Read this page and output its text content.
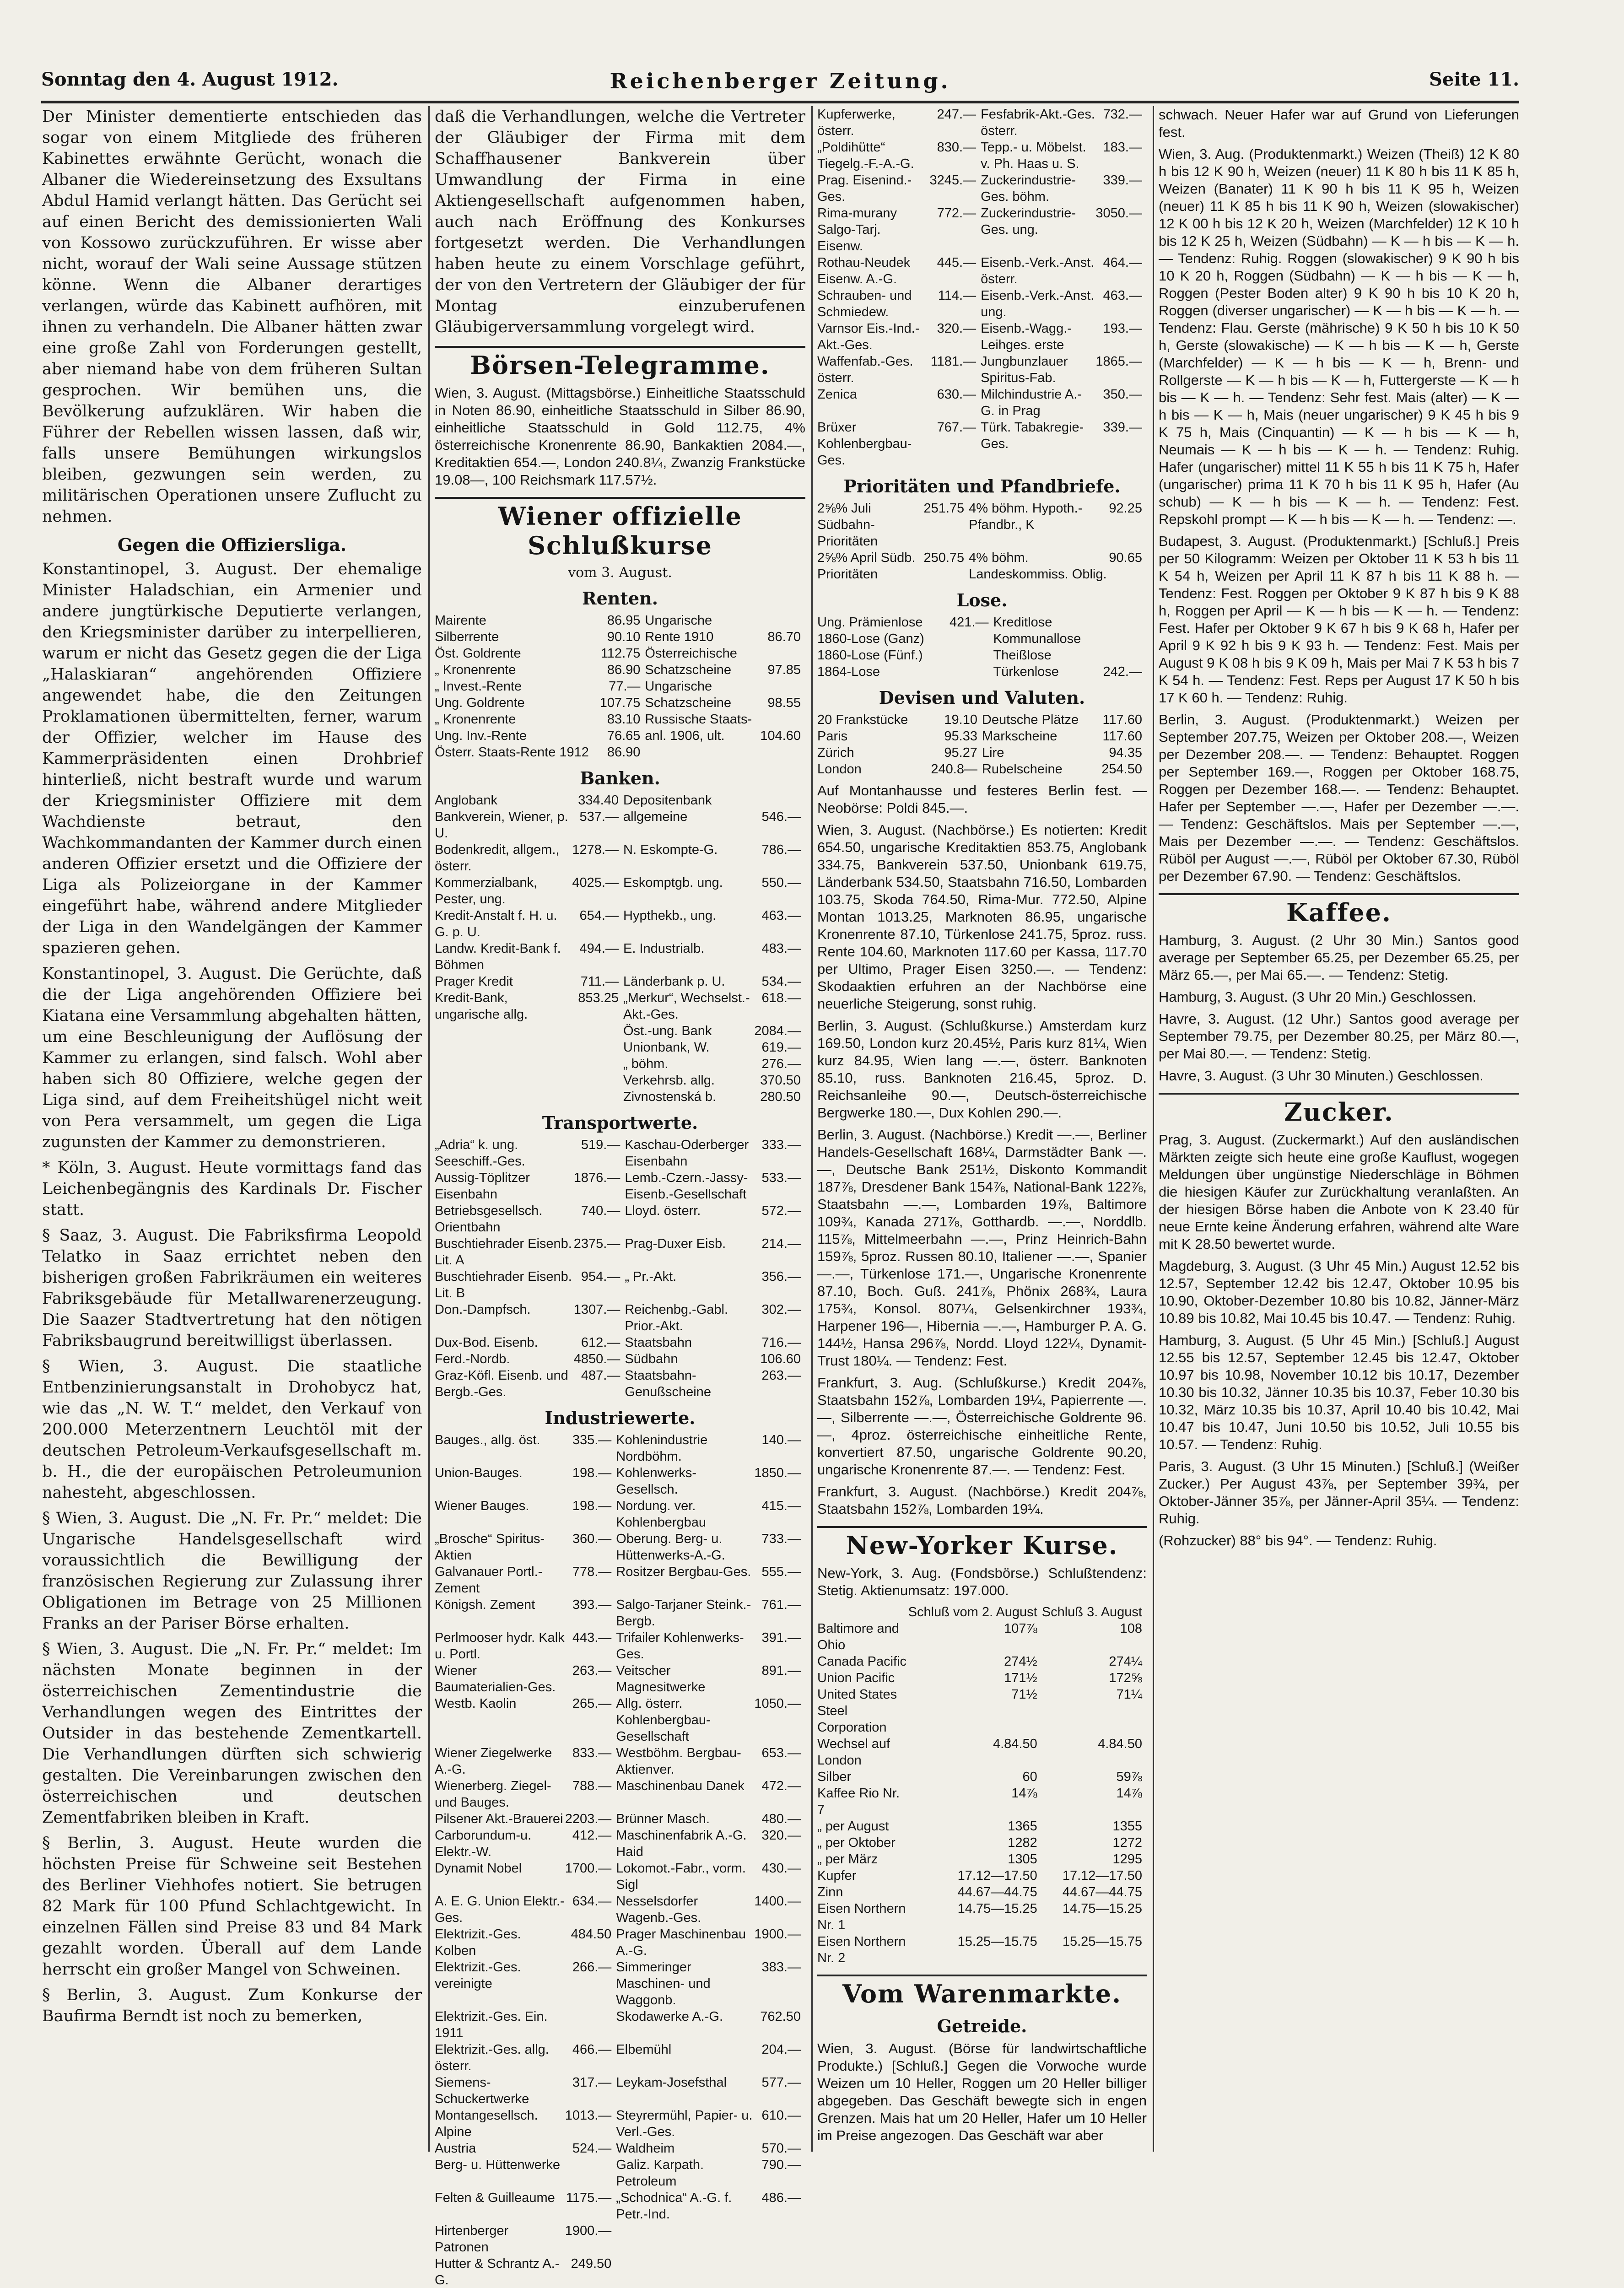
Sonntag den 4. August 1912.	Reichenberger Zeitung.	Seite 11.

Der Minister dementierte entschieden das sogar von einem Mitgliede des früheren Kabinettes erwähnte Gerücht, wonach die Albaner die Wiedereinsetzung des Exsultans Abdul Hamid verlangt hätten. Das Gerücht sei auf einen Bericht des demissionierten Wali von Kossowo zurückzuführen. Er wisse aber nicht, worauf der Wali seine Aussage stützen könne. Wenn die Albaner derartiges verlangen, würde das Kabinett aufhören, mit ihnen zu verhandeln. Die Albaner hätten zwar eine große Zahl von Forderungen gestellt, aber niemand habe von dem früheren Sultan gesprochen. Wir bemühen uns, die Bevölkerung aufzuklären. Wir haben die Führer der Rebellen wissen lassen, daß wir, falls unsere Bemühungen wirkungslos bleiben, gezwungen sein werden, zu militärischen Operationen unsere Zuflucht zu nehmen.

Gegen die Offiziersliga.

Konstantinopel, 3. August. Der ehemalige Minister Haladschian, ein Armenier und andere jungtürkische Deputierte verlangen, den Kriegsminister darüber zu interpellieren, warum er nicht das Gesetz gegen die der Liga „Halaskiaran“ angehörenden Offiziere angewendet habe, die den Zeitungen Proklamationen übermittelten, ferner, warum der Offizier, welcher im Hause des Kammerpräsidenten einen Drohbrief hinterließ, nicht bestraft wurde und warum der Kriegsminister Offiziere mit dem Wachdienste betraut, den Wachkommandanten der Kammer durch einen anderen Offizier ersetzt und die Offiziere der Liga als Polizeiorgane in der Kammer eingeführt habe, während andere Mitglieder der Liga in den Wandelgängen der Kammer spazieren gehen.

Konstantinopel, 3. August. Die Gerüchte, daß die der Liga angehörenden Offiziere bei Kiatana eine Versammlung abgehalten hätten, um eine Beschleunigung der Auflösung der Kammer zu erlangen, sind falsch. Wohl aber haben sich 80 Offiziere, welche gegen der Liga sind, auf dem Freiheitshügel nicht weit von Pera versammelt, um gegen die Liga zugunsten der Kammer zu demonstrieren.

* Köln, 3. August. Heute vormittags fand das Leichenbegängnis des Kardinals Dr. Fischer statt.

§ Saaz, 3. August. Die Fabriksfirma Leopold Telatko in Saaz errichtet neben den bisherigen großen Fabrikräumen ein weiteres Fabriksgebäude für Metallwarenerzeugung. Die Saazer Stadtvertretung hat den nötigen Fabriksbaugrund bereitwilligst überlassen.

§ Wien, 3. August. Die staatliche Entbenzinierungsanstalt in Drohobycz hat, wie das „N. W. T.“ meldet, den Verkauf von 200.000 Meterzentnern Leuchtöl mit der deutschen Petroleum-Verkaufsgesellschaft m. b. H., die der europäischen Petroleumunion nahesteht, abgeschlossen.

§ Wien, 3. August. Die „N. Fr. Pr.“ meldet: Die Ungarische Handelsgesellschaft wird voraussichtlich die Bewilligung der französischen Regierung zur Zulassung ihrer Obligationen im Betrage von 25 Millionen Franks an der Pariser Börse erhalten.

§ Wien, 3. August. Die „N. Fr. Pr.“ meldet: Im nächsten Monate beginnen in der österreichischen Zementindustrie die Verhandlungen wegen des Eintrittes der Outsider in das bestehende Zementkartell. Die Verhandlungen dürften sich schwierig gestalten. Die Vereinbarungen zwischen den österreichischen und deutschen Zementfabriken bleiben in Kraft.

§ Berlin, 3. August. Heute wurden die höchsten Preise für Schweine seit Bestehen des Berliner Viehhofes notiert. Sie betrugen 82 Mark für 100 Pfund Schlachtgewicht. In einzelnen Fällen sind Preise 83 und 84 Mark gezahlt worden. Überall auf dem Lande herrscht ein großer Mangel von Schweinen.

§ Berlin, 3. August. Zum Konkurse der Baufirma Berndt ist noch zu bemerken,

daß die Verhandlungen, welche die Vertreter der Gläubiger der Firma mit dem Schaffhausener Bankverein über Umwandlung der Firma in eine Aktiengesellschaft aufgenommen haben, auch nach Eröffnung des Konkurses fortgesetzt werden. Die Verhandlungen haben heute zu einem Vorschlage geführt, der von den Vertretern der Gläubiger der für Montag einzuberufenen Gläubigerversammlung vorgelegt wird.

Börsen-Telegramme.

Wien, 3. August. (Mittagsbörse.) Einheitliche Staatsschuld in Noten 86.90, einheitliche Staatsschuld in Silber 86.90, einheitliche Staatsschuld in Gold 112.75, 4% österreichische Kronenrente 86.90, Bankaktien 2084.—, Kreditaktien 654.—, London 240.8¼, Zwanzig Frankstücke 19.08—, 100 Reichsmark 117.57½.

Wiener offizielle Schlußkurse
vom 3. August.
Renten.
Mairente	86.95	Ungarische	
Silberrente	90.10	Rente 1910	86.70
Öst. Goldrente	112.75	Österreichische	
„ Kronenrente	86.90	Schatzscheine	97.85
„ Invest.-Rente	77.—	Ungarische	
Ung. Goldrente	107.75	Schatzscheine	98.55
„ Kronenrente	83.10	Russische Staats-	
Ung. Inv.-Rente	76.65	anl. 1906, ult.	104.60
Österr. Staats-Rente 1912	86.90		
Banken.
Anglobank	334.40	Depositenbank	
Bankverein, Wiener, p. U.	537.—	allgemeine	546.—
Bodenkredit, allgem., österr.	1278.—	N. Eskompte-G.	786.—
Kommerzialbank, Pester, ung.	4025.—	Eskomptgb. ung.	550.—
Kredit-Anstalt f. H. u. G. p. U.	654.—	Hypthekb., ung.	463.—
Landw. Kredit-Bank f. Böhmen	494.—	E. Industrialb.	483.—
Prager Kredit	711.—	Länderbank p. U.	534.—
Kredit-Bank, ungarische allg.	853.25	„Merkur“, Wechselst.-Akt.-Ges.	618.—
		Öst.-ung. Bank	2084.—
		Unionbank, W.	619.—
		„ böhm.	276.—
		Verkehrsb. allg.	370.50
		Zivnostenská b.	280.50
Transportwerte.
„Adria“ k. ung. Seeschiff.-Ges.	519.—	Kaschau-Oderberger Eisenbahn	333.—
Aussig-Töplitzer Eisenbahn	1876.—	Lemb.-Czern.-Jassy-Eisenb.-Gesellschaft	533.—
Betriebsgesellsch. Orientbahn	740.—	Lloyd. österr.	572.—
Buschtiehrader Eisenb. Lit. A	2375.—	Prag-Duxer Eisb.	214.—
Buschtiehrader Eisenb. Lit. B	954.—	„ Pr.-Akt.	356.—
Don.-Dampfsch.	1307.—	Reichenbg.-Gabl. Prior.-Akt.	302.—
Dux-Bod. Eisenb.	612.—	Staatsbahn	716.—
Ferd.-Nordb.	4850.—	Südbahn	106.60
Graz-Köfl. Eisenb. und Bergb.-Ges.	487.—	Staatsbahn-Genußscheine	263.—
Industriewerte.
Bauges., allg. öst.	335.—	Kohlenindustrie Nordböhm.	140.—
Union-Bauges.	198.—	Kohlenwerks-Gesellsch.	1850.—
Wiener Bauges.	198.—	Nordung. ver. Kohlenbergbau	415.—
„Brosche“ Spiritus-Aktien	360.—	Oberung. Berg- u. Hüttenwerks-A.-G.	733.—
Galvanauer Portl.-Zement	778.—	Rositzer Bergbau-Ges.	555.—
Königsh. Zement	393.—	Salgo-Tarjaner Steink.-Bergb.	761.—
Perlmooser hydr. Kalk u. Portl.	443.—	Trifailer Kohlenwerks-Ges.	391.—
Wiener Baumaterialien-Ges.	263.—	Veitscher Magnesitwerke	891.—
Westb. Kaolin	265.—	Allg. österr. Kohlenbergbau-Gesellschaft	1050.—
Wiener Ziegelwerke A.-G.	833.—	Westböhm. Bergbau-Aktienver.	653.—
Wienerberg. Ziegel- und Bauges.	788.—	Maschinenbau Danek	472.—
Pilsener Akt.-Brauerei	2203.—	Brünner Masch.	480.—
Carborundum-u. Elektr.-W.	412.—	Maschinenfabrik A.-G. Haid	320.—
Dynamit Nobel	1700.—	Lokomot.-Fabr., vorm. Sigl	430.—
A. E. G. Union Elektr.-Ges.	634.—	Nesselsdorfer Wagenb.-Ges.	1400.—
Elektrizit.-Ges. Kolben	484.50	Prager Maschinenbau A.-G.	1900.—
Elektrizit.-Ges. vereinigte	266.—	Simmeringer Maschinen- und Waggonb.	383.—
Elektrizit.-Ges. Ein. 1911		Skodawerke A.-G.	762.50
Elektrizit.-Ges. allg. österr.	466.—	Elbemühl	204.—
Siemens-Schuckertwerke	317.—	Leykam-Josefsthal	577.—
Montangesellsch. Alpine	1013.—	Steyrermühl, Papier- u. Verl.-Ges.	610.—
Austria	524.—	Waldheim	570.—
Berg- u. Hüttenwerke		Galiz. Karpath. Petroleum	790.—
Felten & Guilleaume	1175.—	„Schodnica“ A.-G. f. Petr.-Ind.	486.—
Hirtenberger Patronen	1900.—		
Hutter & Schrantz A.-G.	249.50		

Kupferwerke, österr.	247.—	Fesfabrik-Akt.-Ges. österr.	732.—
„Poldihütte“ Tiegelg.-F.-A.-G.	830.—	Tepp.- u. Möbelst. v. Ph. Haas u. S.	183.—
Prag. Eisenind.-Ges.	3245.—	Zuckerindustrie-Ges. böhm.	339.—
Rima-murany Salgo-Tarj. Eisenw.	772.—	Zuckerindustrie-Ges. ung.	3050.—
Rothau-Neudek Eisenw. A.-G.	445.—	Eisenb.-Verk.-Anst. österr.	464.—
Schrauben- und Schmiedew.	114.—	Eisenb.-Verk.-Anst. ung.	463.—
Varnsor Eis.-Ind.-Akt.-Ges.	320.—	Eisenb.-Wagg.-Leihges. erste	193.—
Waffenfab.-Ges. österr.	1181.—	Jungbunzlauer Spiritus-Fab.	1865.—
Zenica	630.—	Milchindustrie A.-G. in Prag	350.—
Brüxer Kohlenbergbau-Ges.	767.—	Türk. Tabakregie-Ges.	339.—
Prioritäten und Pfandbriefe.
2⅝% Juli Südbahn-Prioritäten	251.75	4% böhm. Hypoth.-Pfandbr., K	92.25
2⅝% April Südb. Prioritäten	250.75	4% böhm. Landeskommiss. Oblig.	90.65
Lose.
Ung. Prämienlose	421.—	Kreditlose	
1860-Lose (Ganz)		Kommunallose	
1860-Lose (Fünf.)		Theißlose	
1864-Lose		Türkenlose	242.—
Devisen und Valuten.
20 Frankstücke	19.10	Deutsche Plätze	117.60
Paris	95.33	Markscheine	117.60
Zürich	95.27	Lire	94.35
London	240.8—	Rubelscheine	254.50

Auf Montanhausse und festeres Berlin fest. — Neobörse: Poldi 845.—.

Wien, 3. August. (Nachbörse.) Es notierten: Kredit 654.50, ungarische Kreditaktien 853.75, Anglobank 334.75, Bankverein 537.50, Unionbank 619.75, Länderbank 534.50, Staatsbahn 716.50, Lombarden 103.75, Skoda 764.50, Rima-Mur. 772.50, Alpine Montan 1013.25, Marknoten 86.95, ungarische Kronenrente 87.10, Türkenlose 241.75, 5proz. russ. Rente 104.60, Marknoten 117.60 per Kassa, 117.70 per Ultimo, Prager Eisen 3250.—. — Tendenz: Skodaaktien erfuhren an der Nachbörse eine neuerliche Steigerung, sonst ruhig.

Berlin, 3. August. (Schlußkurse.) Amsterdam kurz 169.50, London kurz 20.45½, Paris kurz 81¼, Wien kurz 84.95, Wien lang —.—, österr. Banknoten 85.10, russ. Banknoten 216.45, 5proz. D. Reichsanleihe 90.—, Deutsch-österreichische Bergwerke 180.—, Dux Kohlen 290.—.

Berlin, 3. August. (Nachbörse.) Kredit —.—, Berliner Handels-Gesellschaft 168¼, Darmstädter Bank —.—, Deutsche Bank 251½, Diskonto Kommandit 187⅞, Dresdener Bank 154⅞, National-Bank 122⅞, Staatsbahn —.—, Lombarden 19⅞, Baltimore 109¾, Kanada 271⅞, Gotthardb. —.—, Norddlb. 115⅞, Mittelmeerbahn —.—, Prinz Heinrich-Bahn 159⅞, 5proz. Russen 80.10, Italiener —.—, Spanier —.—, Türkenlose 171.—, Ungarische Kronenrente 87.10, Boch. Guß. 241⅞, Phönix 268¾, Laura 175¾, Konsol. 807¼, Gelsenkirchner 193¾, Harpener 196—, Hibernia —.—, Hamburger P. A. G. 144½, Hansa 296⅞, Nordd. Lloyd 122¼, Dynamit-Trust 180¼. — Tendenz: Fest.

Frankfurt, 3. Aug. (Schlußkurse.) Kredit 204⅞, Staatsbahn 152⅞, Lombarden 19¼, Papierrente —.—, Silberrente —.—, Österreichische Goldrente 96.—, 4proz. österreichische einheitliche Rente, konvertiert 87.50, ungarische Goldrente 90.20, ungarische Kronenrente 87.—. — Tendenz: Fest.

Frankfurt, 3. August. (Nachbörse.) Kredit 204⅞, Staatsbahn 152⅞, Lombarden 19¼.

New-Yorker Kurse.

New-York, 3. Aug. (Fondsbörse.) Schlußtendenz: Stetig. Aktienumsatz: 197.000.

	Schluß vom 2. August	Schluß 3. August
Baltimore and Ohio	107⅞	108
Canada Pacific	274½	274¼
Union Pacific	171½	172⅝
United States Steel Corporation	71½	71¼
Wechsel auf London	4.84.50	4.84.50
Silber	60	59⅞
Kaffee Rio Nr. 7	14⅞	14⅞
„ per August	1365	1355
„ per Oktober	1282	1272
„ per März	1305	1295
Kupfer	17.12—17.50	17.12—17.50
Zinn	44.67—44.75	44.67—44.75
Eisen Northern Nr. 1	14.75—15.25	14.75—15.25
Eisen Northern Nr. 2	15.25—15.75	15.25—15.75
Vom Warenmarkte.
Getreide.

Wien, 3. August. (Börse für landwirtschaftliche Produkte.) [Schluß.] Gegen die Vorwoche wurde Weizen um 10 Heller, Roggen um 20 Heller billiger abgegeben. Das Geschäft bewegte sich in engen Grenzen. Mais hat um 20 Heller, Hafer um 10 Heller im Preise angezogen. Das Geschäft war aber

schwach. Neuer Hafer war auf Grund von Lieferungen fest.

Wien, 3. Aug. (Produktenmarkt.) Weizen (Theiß) 12 K 80 h bis 12 K 90 h, Weizen (neuer) 11 K 80 h bis 11 K 85 h, Weizen (Banater) 11 K 90 h bis 11 K 95 h, Weizen (neuer) 11 K 85 h bis 11 K 90 h, Weizen (slowakischer) 12 K 00 h bis 12 K 20 h, Weizen (Marchfelder) 12 K 10 h bis 12 K 25 h, Weizen (Südbahn) — K — h bis — K — h. — Tendenz: Ruhig. Roggen (slowakischer) 9 K 90 h bis 10 K 20 h, Roggen (Südbahn) — K — h bis — K — h, Roggen (Pester Boden alter) 9 K 90 h bis 10 K 20 h, Roggen (diverser ungarischer) — K — h bis — K — h. — Tendenz: Flau. Gerste (mährische) 9 K 50 h bis 10 K 50 h, Gerste (slowakische) — K — h bis — K — h, Gerste (Marchfelder) — K — h bis — K — h, Brenn- und Rollgerste — K — h bis — K — h, Futtergerste — K — h bis — K — h. — Tendenz: Sehr fest. Mais (alter) — K — h bis — K — h, Mais (neuer ungarischer) 9 K 45 h bis 9 K 75 h, Mais (Cinquantin) — K — h bis — K — h, Neumais — K — h bis — K — h. — Tendenz: Ruhig. Hafer (ungarischer) mittel 11 K 55 h bis 11 K 75 h, Hafer (ungarischer) prima 11 K 70 h bis 11 K 95 h, Hafer (Au schub) — K — h bis — K — h. — Tendenz: Fest. Repskohl prompt — K — h bis — K — h. — Tendenz: —.

Budapest, 3. August. (Produktenmarkt.) [Schluß.] Preis per 50 Kilogramm: Weizen per Oktober 11 K 53 h bis 11 K 54 h, Weizen per April 11 K 87 h bis 11 K 88 h. — Tendenz: Fest. Roggen per Oktober 9 K 87 h bis 9 K 88 h, Roggen per April — K — h bis — K — h. — Tendenz: Fest. Hafer per Oktober 9 K 67 h bis 9 K 68 h, Hafer per April 9 K 92 h bis 9 K 93 h. — Tendenz: Fest. Mais per August 9 K 08 h bis 9 K 09 h, Mais per Mai 7 K 53 h bis 7 K 54 h. — Tendenz: Fest. Reps per August 17 K 50 h bis 17 K 60 h. — Tendenz: Ruhig.

Berlin, 3. August. (Produktenmarkt.) Weizen per September 207.75, Weizen per Oktober 208.—, Weizen per Dezember 208.—. — Tendenz: Behauptet. Roggen per September 169.—, Roggen per Oktober 168.75, Roggen per Dezember 168.—. — Tendenz: Behauptet. Hafer per September —.—, Hafer per Dezember —.—. — Tendenz: Geschäftslos. Mais per September —.—, Mais per Dezember —.—. — Tendenz: Geschäftslos. Rüböl per August —.—, Rüböl per Oktober 67.30, Rüböl per Dezember 67.90. — Tendenz: Geschäftslos.

Kaffee.

Hamburg, 3. August. (2 Uhr 30 Min.) Santos good average per September 65.25, per Dezember 65.25, per März 65.—, per Mai 65.—. — Tendenz: Stetig.

Hamburg, 3. August. (3 Uhr 20 Min.) Geschlossen.

Havre, 3. August. (12 Uhr.) Santos good average per September 79.75, per Dezember 80.25, per März 80.—, per Mai 80.—. — Tendenz: Stetig.

Havre, 3. August. (3 Uhr 30 Minuten.) Geschlossen.

Zucker.

Prag, 3. August. (Zuckermarkt.) Auf den ausländischen Märkten zeigte sich heute eine große Kauflust, wogegen Meldungen über ungünstige Niederschläge in Böhmen die hiesigen Käufer zur Zurückhaltung veranlaßten. An der hiesigen Börse haben die Anbote von K 23.40 für neue Ernte keine Änderung erfahren, während alte Ware mit K 28.50 bewertet wurde.

Magdeburg, 3. August. (3 Uhr 45 Min.) August 12.52 bis 12.57, September 12.42 bis 12.47, Oktober 10.95 bis 10.90, Oktober-Dezember 10.80 bis 10.82, Jänner-März 10.89 bis 10.82, Mai 10.45 bis 10.47. — Tendenz: Ruhig.

Hamburg, 3. August. (5 Uhr 45 Min.) [Schluß.] August 12.55 bis 12.57, September 12.45 bis 12.47, Oktober 10.97 bis 10.98, November 10.12 bis 10.17, Dezember 10.30 bis 10.32, Jänner 10.35 bis 10.37, Feber 10.30 bis 10.32, März 10.35 bis 10.37, April 10.40 bis 10.42, Mai 10.47 bis 10.47, Juni 10.50 bis 10.52, Juli 10.55 bis 10.57. — Tendenz: Ruhig.

Paris, 3. August. (3 Uhr 15 Minuten.) [Schluß.] (Weißer Zucker.) Per August 43⅞, per September 39¾, per Oktober-Jänner 35⅞, per Jänner-April 35¼. — Tendenz: Ruhig.

(Rohzucker) 88° bis 94°. — Tendenz: Ruhig.
